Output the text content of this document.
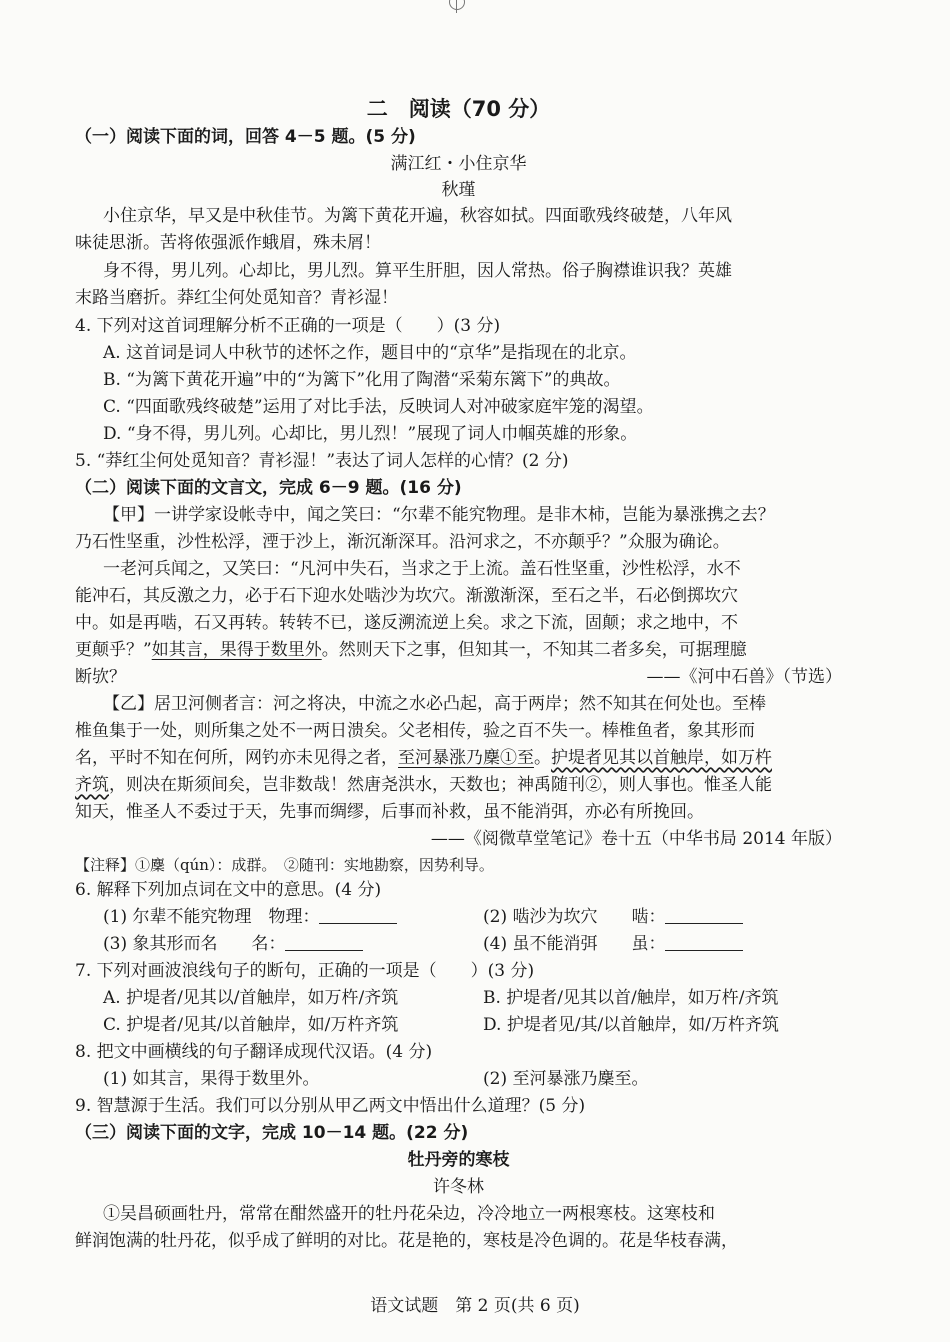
二　阅读（70 分）
（一）阅读下面的词，回答 4－5 题。(5 分)
满江红・小住京华
秋瑾
小住京华，早又是中秋佳节。为篱下黄花开遍，秋容如拭。四面歌残终破楚，八年风
味徒思浙。苦将侬强派作蛾眉，殊未屑！
身不得，男儿列。心却比，男儿烈。算平生肝胆，因人常热。俗子胸襟谁识我？英雄
末路当磨折。莽红尘何处觅知音？青衫湿！
4. 下列对这首词理解分析不正确的一项是（　　）(3 分)
A. 这首词是词人中秋节的述怀之作，题目中的“京华”是指现在的北京。
B. “为篱下黄花开遍”中的“为篱下”化用了陶潜“采菊东篱下”的典故。
C. “四面歌残终破楚”运用了对比手法，反映词人对冲破家庭牢笼的渴望。
D. “身不得，男儿列。心却比，男儿烈！”展现了词人巾帼英雄的形象。
5. “莽红尘何处觅知音？青衫湿！”表达了词人怎样的心情？(2 分)
（二）阅读下面的文言文，完成 6－9 题。(16 分)
【甲】一讲学家设帐寺中，闻之笑曰：“尔辈不能究物理。是非木柿，岂能为暴涨携之去？
乃石性坚重，沙性松浮，湮于沙上，渐沉渐深耳。沿河求之，不亦颠乎？”众服为确论。
一老河兵闻之，又笑曰：“凡河中失石，当求之于上流。盖石性坚重，沙性松浮，水不
能冲石，其反激之力，必于石下迎水处啮沙为坎穴。渐激渐深，至石之半，石必倒掷坎穴
中。如是再啮，石又再转。转转不已，遂反溯流逆上矣。求之下流，固颠；求之地中，不
更颠乎？”如其言，果得于数里外。然则天下之事，但知其一，不知其二者多矣，可据理臆
断欤？	——《河中石兽》（节选）
【乙】居卫河侧者言：河之将决，中流之水必凸起，高于两岸；然不知其在何处也。至棒
椎鱼集于一处，则所集之处不一两日溃矣。父老相传，验之百不失一。棒椎鱼者，象其形而
名，平时不知在何所，网钓亦未见得之者，至河暴涨乃麇①至。护堤者见其以首触岸，如万杵
齐筑，则决在斯须间矣，岂非数哉！然唐尧洪水，天数也；神禹随刊②，则人事也。惟圣人能
知天，惟圣人不委过于天，先事而绸缪，后事而补救，虽不能消弭，亦必有所挽回。
——《阅微草堂笔记》卷十五（中华书局 2014 年版）
【注释】①麇（qún）：成群。　②随刊：实地勘察，因势利导。
6. 解释下列加点词在文中的意思。(4 分)
(1) 尔辈不能究物理　物理：	(2) 啮沙为坎穴　　啮：
(3) 象其形而名　　名：	(4) 虽不能消弭　　虽：
7. 下列对画波浪线句子的断句，正确的一项是（　　）(3 分)
A. 护堤者/见其以/首触岸，如万杵/齐筑	B. 护堤者/见其以首/触岸，如万杵/齐筑
C. 护堤者/见其/以首触岸，如/万杵齐筑	D. 护堤者见/其/以首触岸，如/万杵齐筑
8. 把文中画横线的句子翻译成现代汉语。(4 分)
(1) 如其言，果得于数里外。	(2) 至河暴涨乃麇至。
9. 智慧源于生活。我们可以分别从甲乙两文中悟出什么道理？(5 分)
（三）阅读下面的文字，完成 10－14 题。(22 分)
牡丹旁的寒枝
许冬林
①吴昌硕画牡丹，常常在酣然盛开的牡丹花朵边，冷冷地立一两根寒枝。这寒枝和
鲜润饱满的牡丹花，似乎成了鲜明的对比。花是艳的，寒枝是冷色调的。花是华枝春满，
语文试题　第 2 页(共 6 页)
